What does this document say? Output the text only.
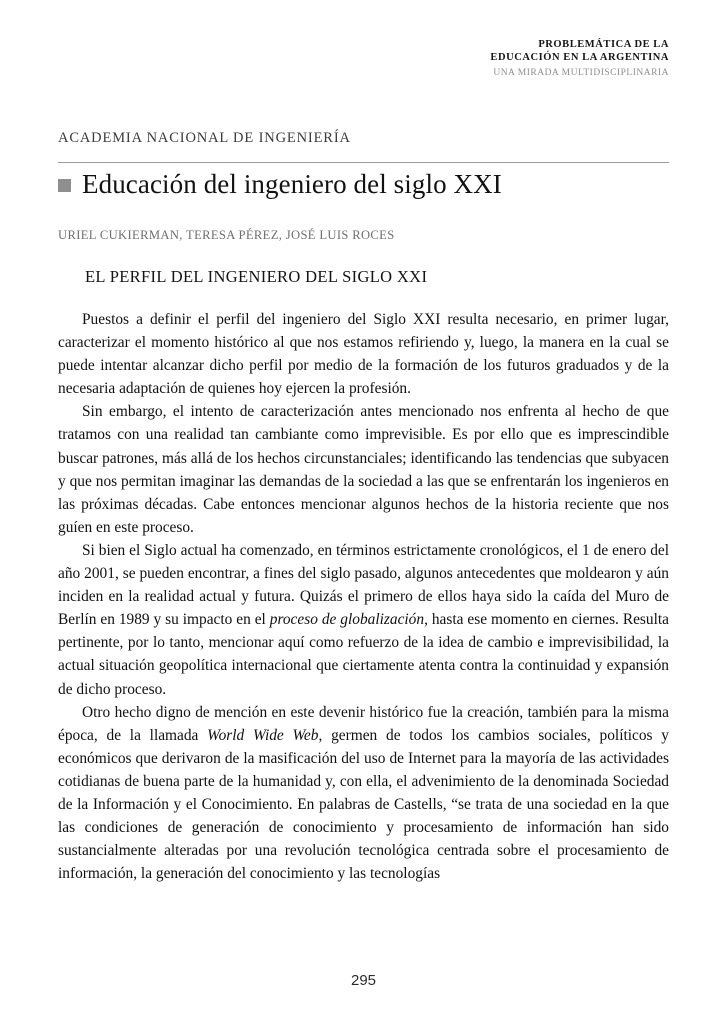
PROBLEMÁTICA DE LA
EDUCACIÓN EN LA ARGENTINA
UNA MIRADA MULTIDISCIPLINARIA
ACADEMIA NACIONAL DE INGENIERÍA
Educación del ingeniero del siglo XXI
URIEL CUKIERMAN, TERESA PÉREZ, JOSÉ LUIS ROCES
EL PERFIL DEL INGENIERO DEL SIGLO XXI

Puestos a definir el perfil del ingeniero del Siglo XXI resulta necesario, en primer lugar, caracterizar el momento histórico al que nos estamos refiriendo y, luego, la manera en la cual se puede intentar alcanzar dicho perfil por medio de la formación de los futuros graduados y de la necesaria adaptación de quienes hoy ejercen la profesión.

Sin embargo, el intento de caracterización antes mencionado nos enfrenta al hecho de que tratamos con una realidad tan cambiante como imprevisible. Es por ello que es imprescindible buscar patrones, más allá de los hechos circunstanciales; identificando las tendencias que subyacen y que nos permitan imaginar las demandas de la sociedad a las que se enfrentarán los ingenieros en las próximas décadas. Cabe entonces mencionar algunos hechos de la historia reciente que nos guíen en este proceso.

Si bien el Siglo actual ha comenzado, en términos estrictamente cronológicos, el 1 de enero del año 2001, se pueden encontrar, a fines del siglo pasado, algunos antecedentes que moldearon y aún inciden en la realidad actual y futura. Quizás el primero de ellos haya sido la caída del Muro de Berlín en 1989 y su impacto en el proceso de globalización, hasta ese momento en ciernes. Resulta pertinente, por lo tanto, mencionar aquí como refuerzo de la idea de cambio e imprevisibilidad, la actual situación geopolítica internacional que ciertamente atenta contra la continuidad y expansión de dicho proceso.

Otro hecho digno de mención en este devenir histórico fue la creación, también para la misma época, de la llamada World Wide Web, germen de todos los cambios sociales, políticos y económicos que derivaron de la masificación del uso de Internet para la mayoría de las actividades cotidianas de buena parte de la humanidad y, con ella, el advenimiento de la denominada Sociedad de la Información y el Conocimiento. En palabras de Castells, “se trata de una sociedad en la que las condiciones de generación de conocimiento y procesamiento de información han sido sustancialmente alteradas por una revolución tecnológica centrada sobre el procesamiento de información, la generación del conocimiento y las tecnologías

295
